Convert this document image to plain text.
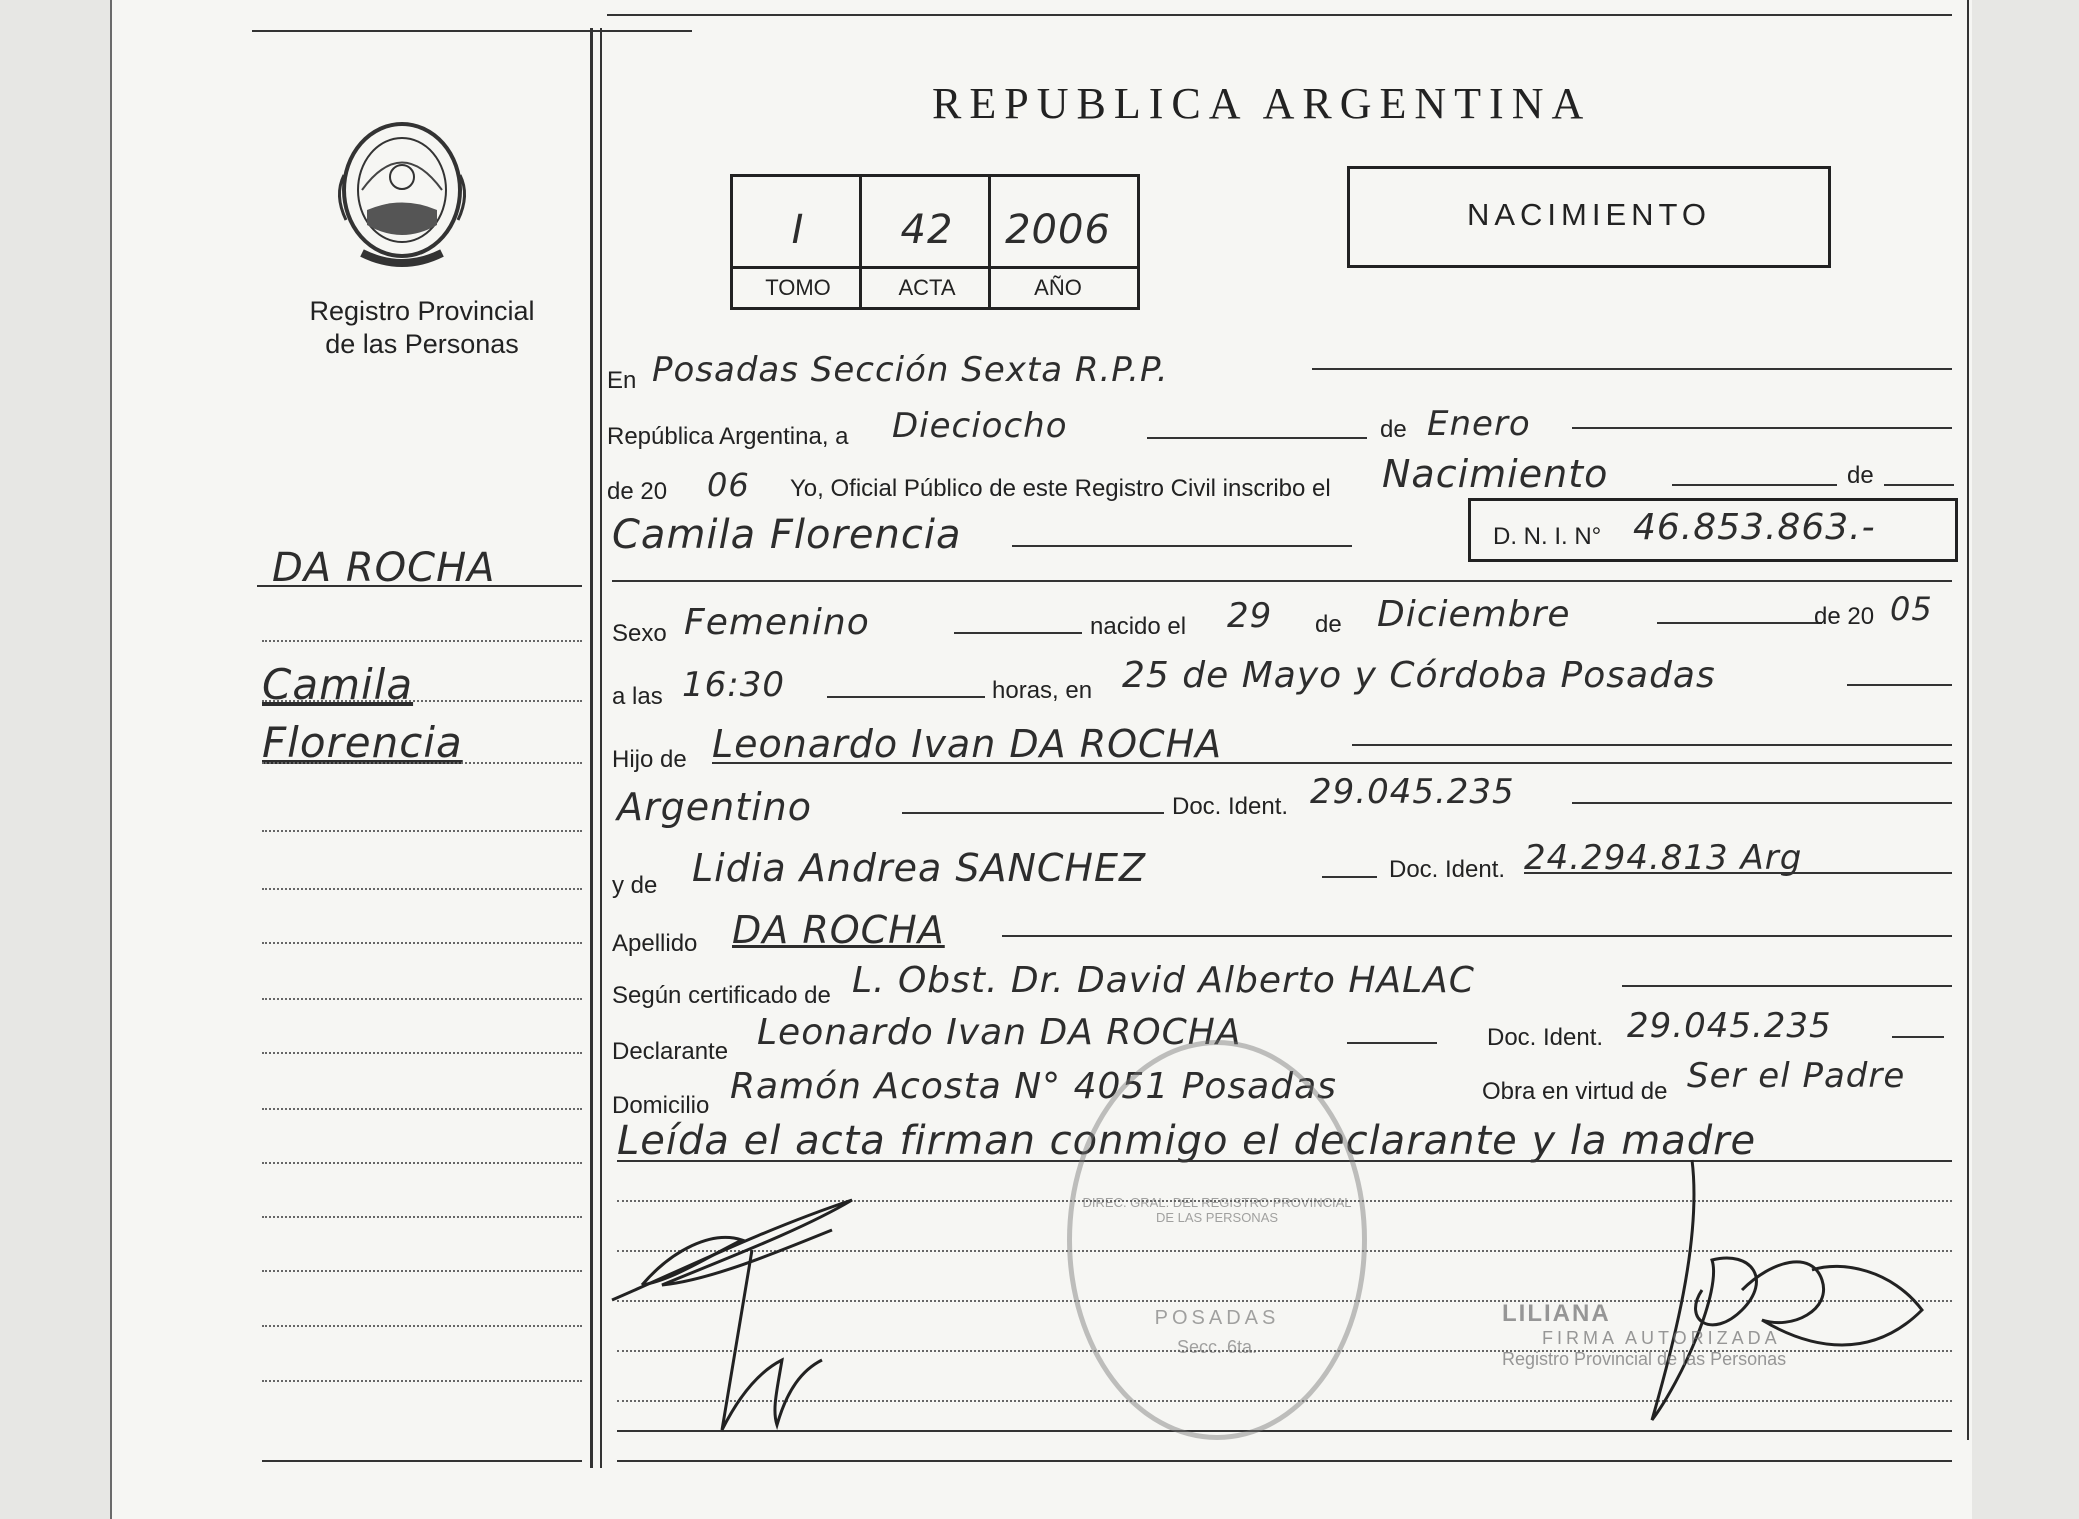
Registro Provincial
de las Personas
DA ROCHA
Camila
Florencia
REPUBLICA ARGENTINA
I	42	2006
TOMO	ACTA	AÑO
NACIMIENTO
En Posadas Sección Sexta R.P.P.
República Argentina, a Dieciocho	de Enero
de 20 06 Yo, Oficial Público de este Registro Civil inscribo el Nacimiento	de
Camila Florencia	D. N. I. N° 46.853.863.-
Sexo Femenino	nacido el 29 de Diciembre	de 20 05
a las 16:30	horas, en 25 de Mayo y Córdoba Posadas
Hijo de Leonardo Ivan DA ROCHA
Argentino	Doc. Ident. 29.045.235
y de Lidia Andrea SANCHEZ	Doc. Ident. 24.294.813 Arg
Apellido DA ROCHA
Según certificado de L. Obst. Dr. David Alberto HALAC
Declarante Leonardo Ivan DA ROCHA	Doc. Ident. 29.045.235
Domicilio Ramón Acosta N° 4051 Posadas	Obra en virtud de Ser el Padre
Leída el acta firman conmigo el declarante y la madre
DIREC. GRAL. DEL REGISTRO PROVINCIAL DE LAS PERSONAS
POSADAS
Secc. 6ta.
LILIANA
FIRMA AUTORIZADA
Registro Provincial de las Personas
